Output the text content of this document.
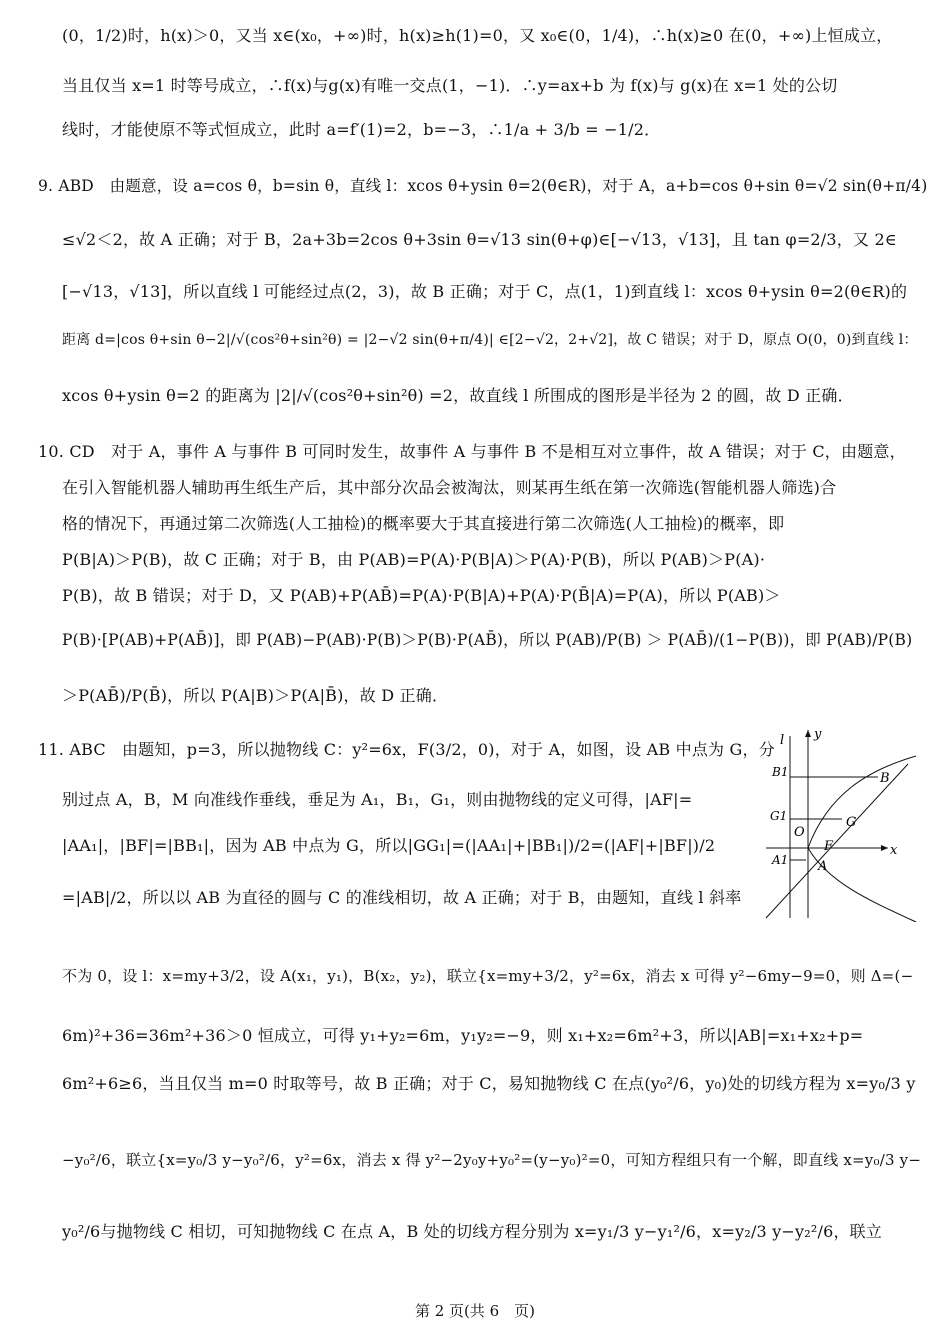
(0，1/2)时，h(x)＞0，又当 x∈(x₀，+∞)时，h(x)≥h(1)=0，又 x₀∈(0，1/4)，∴h(x)≥0 在(0，+∞)上恒成立，
当且仅当 x=1 时等号成立，∴f(x)与g(x)有唯一交点(1，−1)．∴y=ax+b 为 f(x)与 g(x)在 x=1 处的公切
线时，才能使原不等式恒成立，此时 a=f′(1)=2，b=−3，∴1/a + 3/b = −1/2．
9. ABD　由题意，设 a=cos θ，b=sin θ，直线 l：xcos θ+ysin θ=2(θ∈R)，对于 A，a+b=cos θ+sin θ=√2 sin(θ+π/4)
≤√2＜2，故 A 正确；对于 B，2a+3b=2cos θ+3sin θ=√13 sin(θ+φ)∈[−√13，√13]，且 tan φ=2/3，又 2∈
[−√13，√13]，所以直线 l 可能经过点(2，3)，故 B 正确；对于 C，点(1，1)到直线 l：xcos θ+ysin θ=2(θ∈R)的
距离 d=|cos θ+sin θ−2|/√(cos²θ+sin²θ) = |2−√2 sin(θ+π/4)| ∈[2−√2，2+√2]，故 C 错误；对于 D，原点 O(0，0)到直线 l：
xcos θ+ysin θ=2 的距离为 |2|/√(cos²θ+sin²θ) =2，故直线 l 所围成的图形是半径为 2 的圆，故 D 正确．
10. CD　对于 A，事件 A 与事件 B 可同时发生，故事件 A 与事件 B 不是相互对立事件，故 A 错误；对于 C，由题意，
在引入智能机器人辅助再生纸生产后，其中部分次品会被淘汰，则某再生纸在第一次筛选(智能机器人筛选)合
格的情况下，再通过第二次筛选(人工抽检)的概率要大于其直接进行第二次筛选(人工抽检)的概率，即
P(B|A)＞P(B)，故 C 正确；对于 B，由 P(AB)=P(A)·P(B|A)＞P(A)·P(B)，所以 P(AB)＞P(A)·
P(B)，故 B 错误；对于 D，又 P(AB)+P(AB̄)=P(A)·P(B|A)+P(A)·P(B̄|A)=P(A)，所以 P(AB)＞
P(B)·[P(AB)+P(AB̄)]，即 P(AB)−P(AB)·P(B)＞P(B)·P(AB̄)，所以 P(AB)/P(B) ＞ P(AB̄)/(1−P(B))，即 P(AB)/P(B)
＞P(AB̄)/P(B̄)，所以 P(A|B)＞P(A|B̄)，故 D 正确．
11. ABC　由题知，p=3，所以抛物线 C：y²=6x，F(3/2，0)，对于 A，如图，设 AB 中点为 G，分
别过点 A，B，M 向准线作垂线，垂足为 A₁，B₁，G₁，则由抛物线的定义可得，|AF|=
|AA₁|，|BF|=|BB₁|，因为 AB 中点为 G，所以|GG₁|=(|AA₁|+|BB₁|)/2=(|AF|+|BF|)/2
=|AB|/2，所以以 AB 为直径的圆与 C 的准线相切，故 A 正确；对于 B，由题知，直线 l 斜率
不为 0，设 l：x=my+3/2，设 A(x₁，y₁)，B(x₂，y₂)，联立{x=my+3/2，y²=6x，消去 x 可得 y²−6my−9=0，则 Δ=(−
6m)²+36=36m²+36＞0 恒成立，可得 y₁+y₂=6m，y₁y₂=−9，则 x₁+x₂=6m²+3，所以|AB|=x₁+x₂+p=
6m²+6≥6，当且仅当 m=0 时取等号，故 B 正确；对于 C，易知抛物线 C 在点(y₀²/6，y₀)处的切线方程为 x=y₀/3 y
−y₀²/6，联立{x=y₀/3 y−y₀²/6，y²=6x，消去 x 得 y²−2y₀y+y₀²=(y−y₀)²=0，可知方程组只有一个解，即直线 x=y₀/3 y−
y₀²/6与抛物线 C 相切，可知抛物线 C 在点 A，B 处的切线方程分别为 x=y₁/3 y−y₁²/6，x=y₂/3 y−y₂²/6，联立
l y
x
O
F
A
B
G
A1
B1
G1
第 2 页(共 6　页)
